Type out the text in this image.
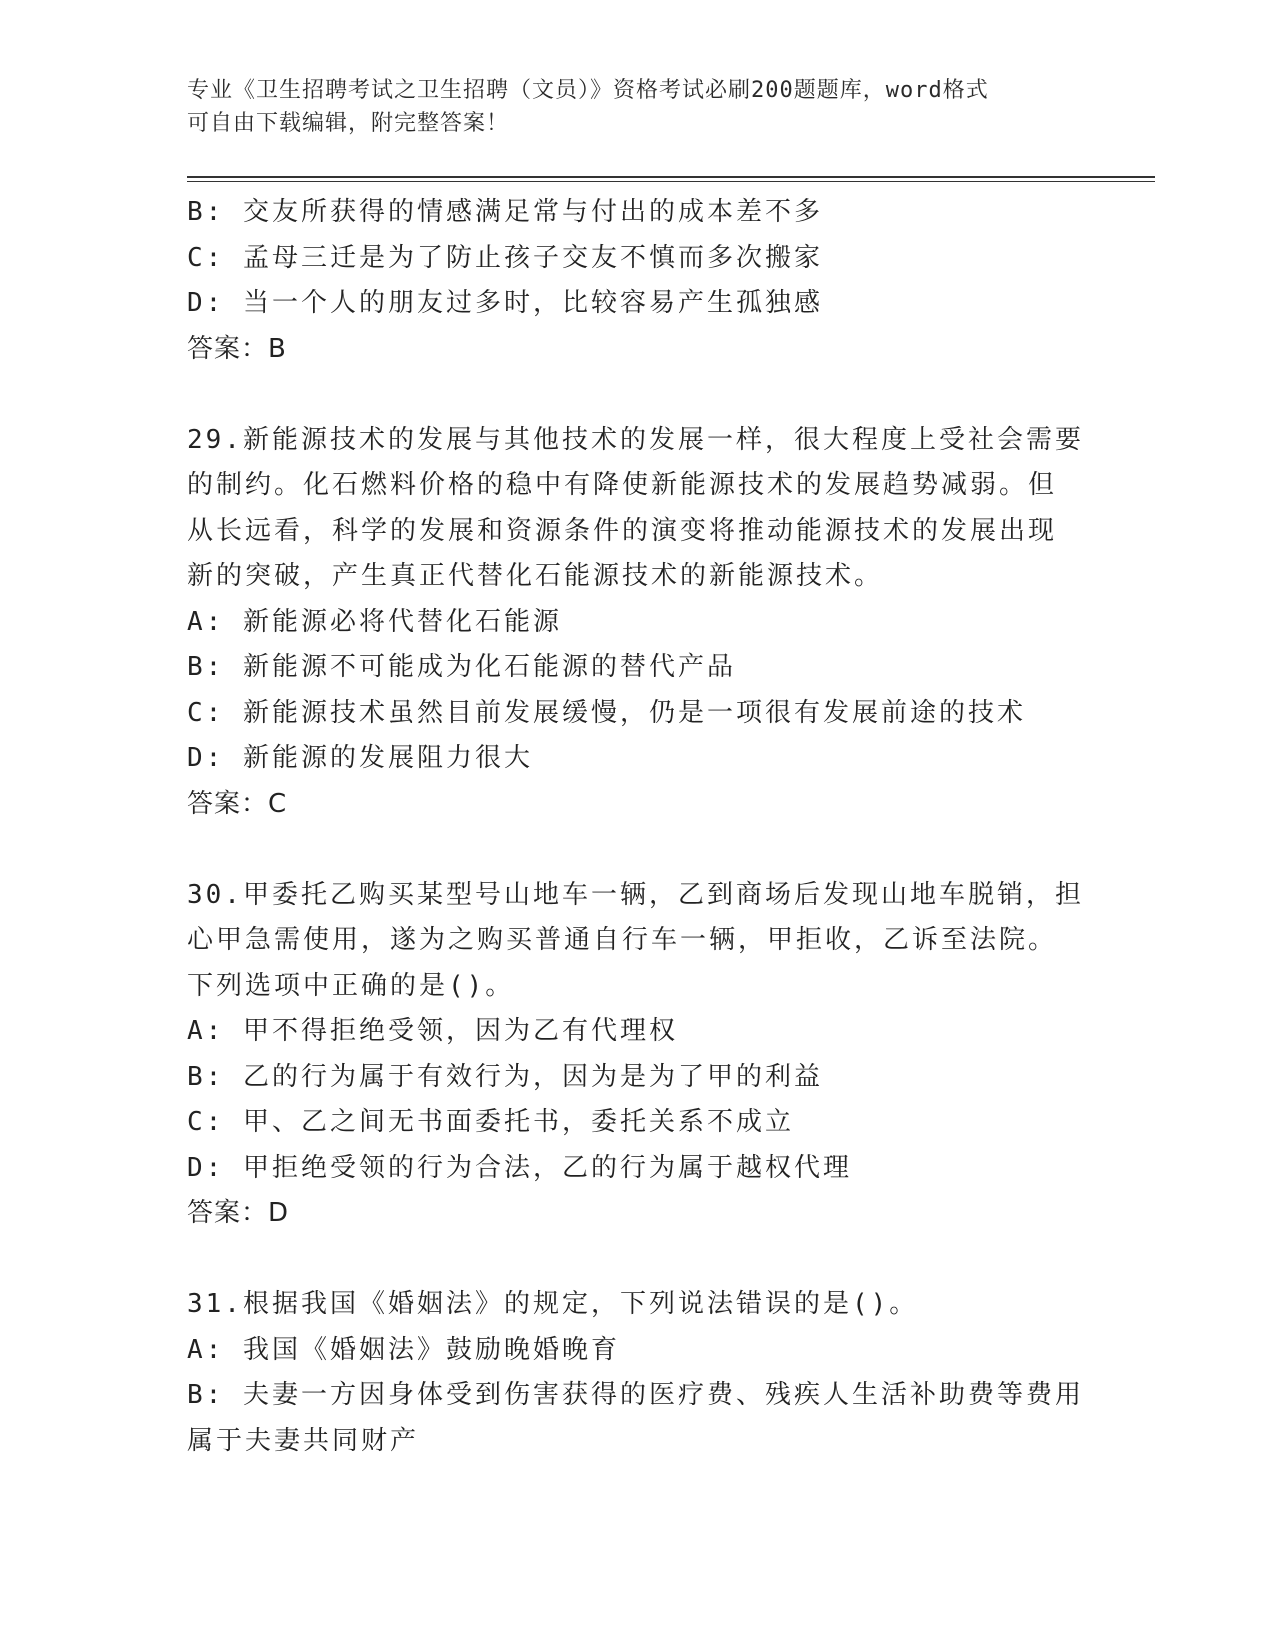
专业《卫生招聘考试之卫生招聘（文员）》资格考试必刷200题题库，word格式
可自由下载编辑，附完整答案！
B: 交友所获得的情感满足常与付出的成本差不多
C: 孟母三迁是为了防止孩子交友不慎而多次搬家
D: 当一个人的朋友过多时，比较容易产生孤独感
答案：B
29.新能源技术的发展与其他技术的发展一样，很大程度上受社会需要
的制约。化石燃料价格的稳中有降使新能源技术的发展趋势减弱。但
从长远看，科学的发展和资源条件的演变将推动能源技术的发展出现
新的突破，产生真正代替化石能源技术的新能源技术。
A: 新能源必将代替化石能源
B: 新能源不可能成为化石能源的替代产品
C: 新能源技术虽然目前发展缓慢，仍是一项很有发展前途的技术
D: 新能源的发展阻力很大
答案：C
30.甲委托乙购买某型号山地车一辆，乙到商场后发现山地车脱销，担
心甲急需使用，遂为之购买普通自行车一辆，甲拒收，乙诉至法院。
下列选项中正确的是()。
A: 甲不得拒绝受领，因为乙有代理权
B: 乙的行为属于有效行为，因为是为了甲的利益
C: 甲、乙之间无书面委托书，委托关系不成立
D: 甲拒绝受领的行为合法，乙的行为属于越权代理
答案：D
31.根据我国《婚姻法》的规定，下列说法错误的是()。
A: 我国《婚姻法》鼓励晚婚晚育
B: 夫妻一方因身体受到伤害获得的医疗费、残疾人生活补助费等费用
属于夫妻共同财产
